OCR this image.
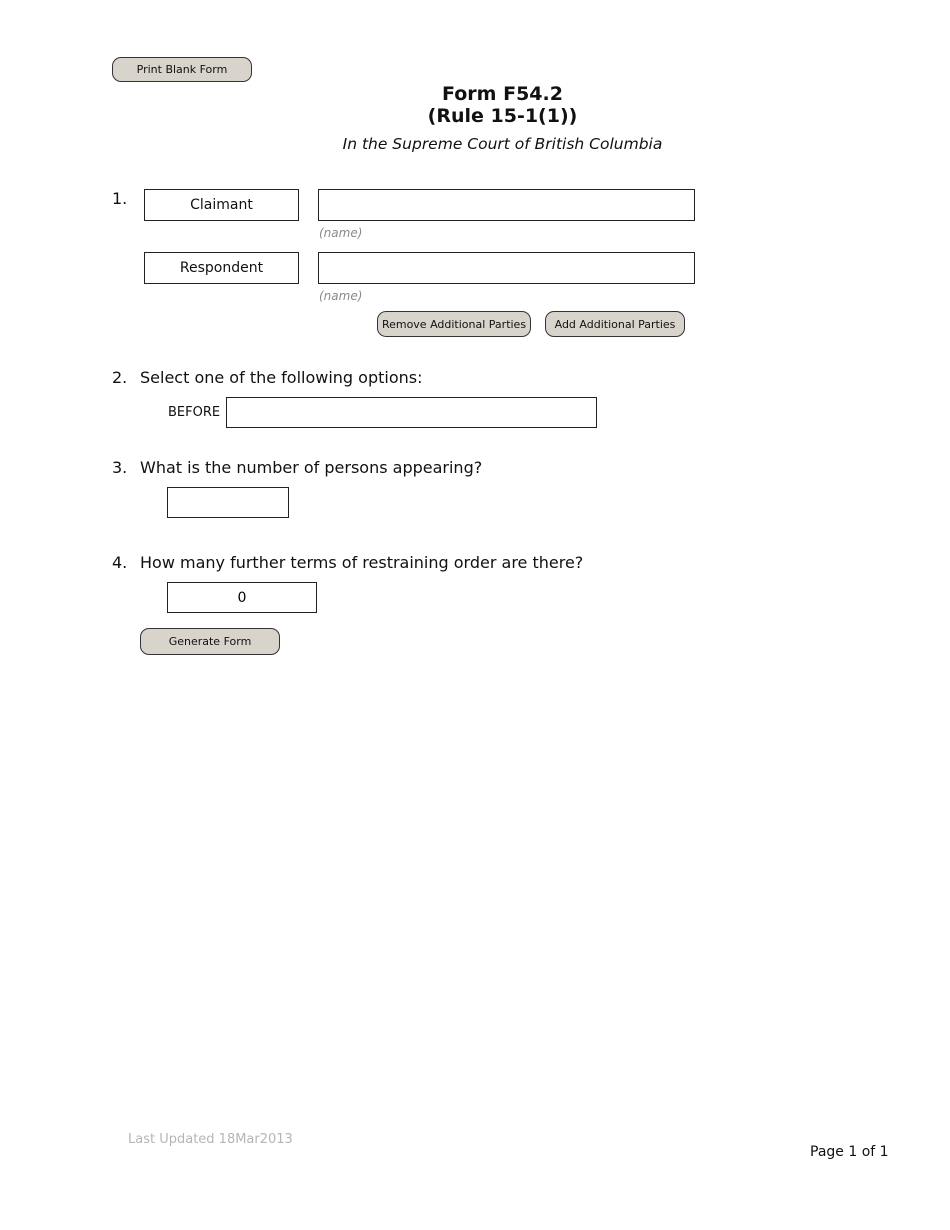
Print Blank Form
Form F54.2
(Rule 15-1(1))
In the Supreme Court of British Columbia
1.	Claimant
(name)
Respondent
(name)
Remove Additional Parties	Add Additional Parties
2. Select one of the following options:
BEFORE
3. What is the number of persons appearing?
4. How many further terms of restraining order are there?
0
Generate Form
Last Updated 18Mar2013
Page 1 of 1
